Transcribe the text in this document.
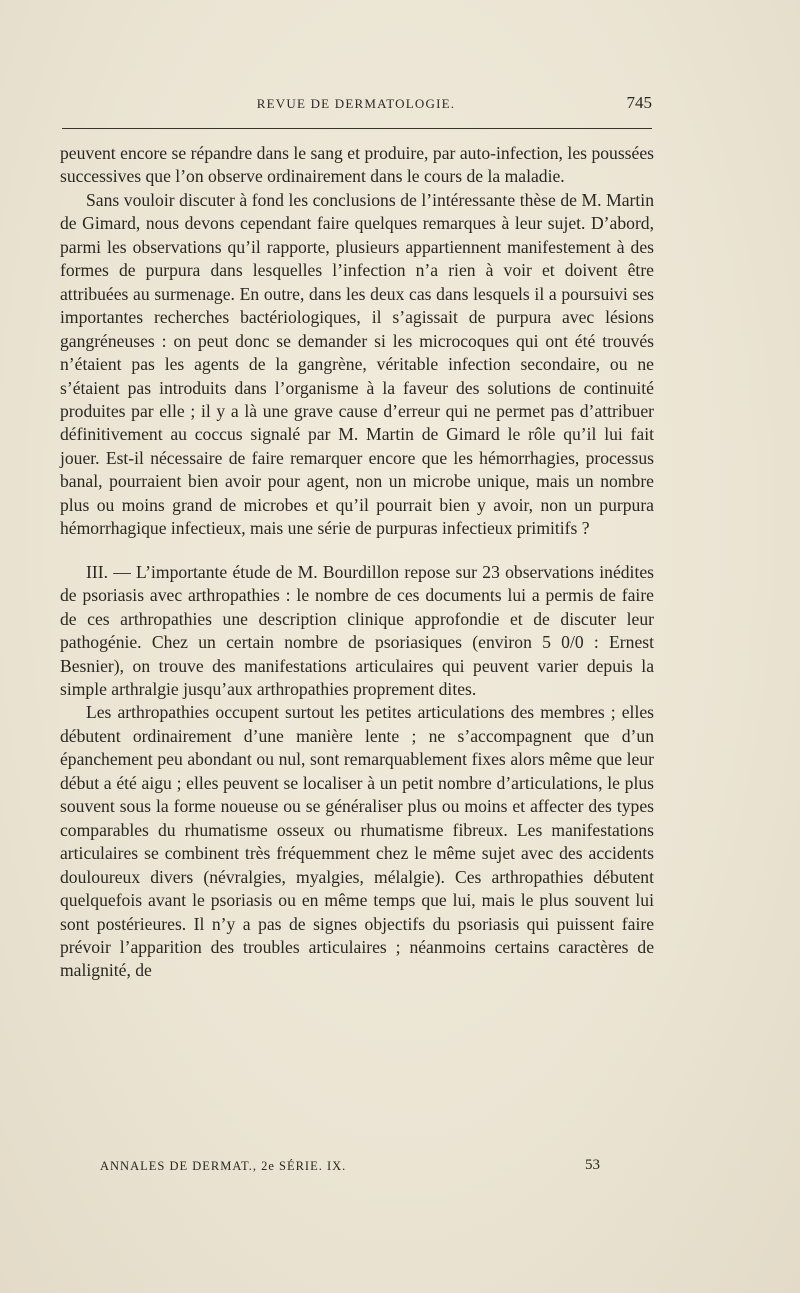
REVUE DE DERMATOLOGIE.	745

peuvent encore se répandre dans le sang et produire, par auto-infection, les poussées successives que l’on observe ordinairement dans le cours de la maladie.

Sans vouloir discuter à fond les conclusions de l’intéressante thèse de M. Martin de Gimard, nous devons cependant faire quelques remarques à leur sujet. D’abord, parmi les observations qu’il rapporte, plusieurs appartiennent manifestement à des formes de purpura dans lesquelles l’infection n’a rien à voir et doivent être attribuées au surmenage. En outre, dans les deux cas dans lesquels il a poursuivi ses importantes recherches bactériologiques, il s’agissait de purpura avec lésions gangréneuses : on peut donc se demander si les microcoques qui ont été trouvés n’étaient pas les agents de la gangrène, véritable infection secondaire, ou ne s’étaient pas introduits dans l’organisme à la faveur des solutions de continuité produites par elle ; il y a là une grave cause d’erreur qui ne permet pas d’attribuer définitivement au coccus signalé par M. Martin de Gimard le rôle qu’il lui fait jouer. Est-il nécessaire de faire remarquer encore que les hémorrhagies, processus banal, pourraient bien avoir pour agent, non un microbe unique, mais un nombre plus ou moins grand de microbes et qu’il pourrait bien y avoir, non un purpura hémorrhagique infectieux, mais une série de purpuras infectieux primitifs ?

III. — L’importante étude de M. Bourdillon repose sur 23 observations inédites de psoriasis avec arthropathies : le nombre de ces documents lui a permis de faire de ces arthropathies une description clinique approfondie et de discuter leur pathogénie. Chez un certain nombre de psoriasiques (environ 5 0/0 : Ernest Besnier), on trouve des manifestations articulaires qui peuvent varier depuis la simple arthralgie jusqu’aux arthropathies proprement dites.

Les arthropathies occupent surtout les petites articulations des membres ; elles débutent ordinairement d’une manière lente ; ne s’accompagnent que d’un épanchement peu abondant ou nul, sont remarquablement fixes alors même que leur début a été aigu ; elles peuvent se localiser à un petit nombre d’articulations, le plus souvent sous la forme noueuse ou se généraliser plus ou moins et affecter des types comparables du rhumatisme osseux ou rhumatisme fibreux. Les manifestations articulaires se combinent très fréquemment chez le même sujet avec des accidents douloureux divers (névralgies, myalgies, mélalgie). Ces arthropathies débutent quelquefois avant le psoriasis ou en même temps que lui, mais le plus souvent lui sont postérieures. Il n’y a pas de signes objectifs du psoriasis qui puissent faire prévoir l’apparition des troubles articulaires ; néanmoins certains caractères de malignité, de

ANNALES DE DERMAT., 2e SÉRIE. IX.	53
